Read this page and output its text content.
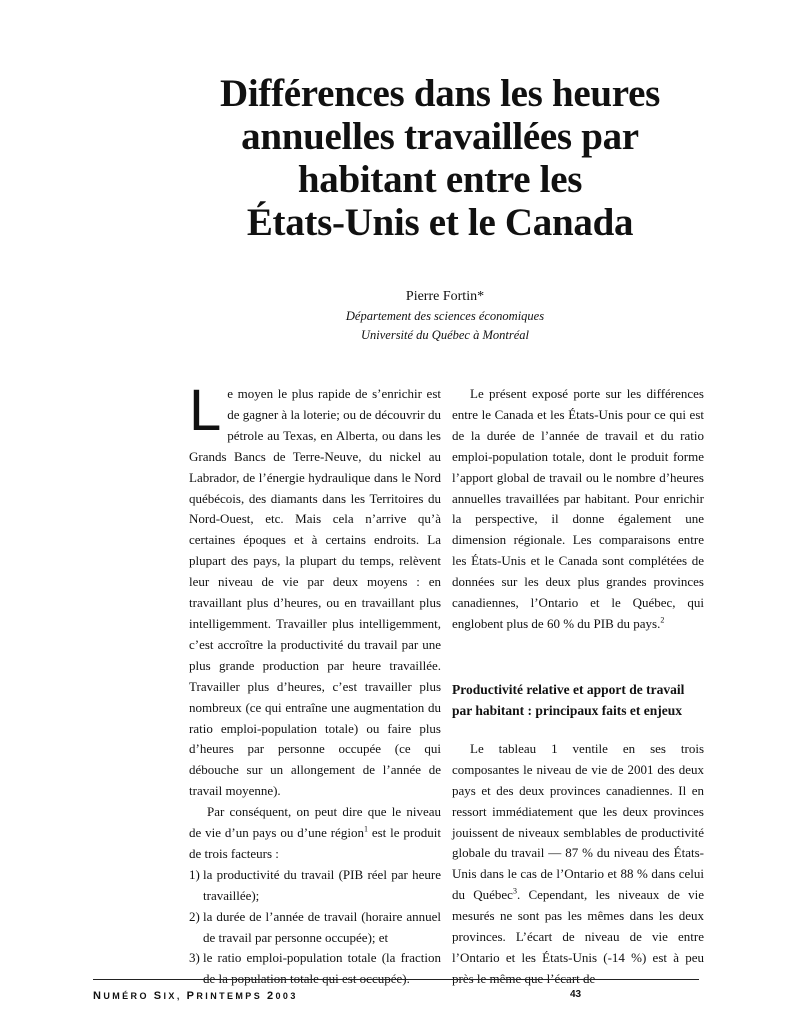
Différences dans les heures
annuelles travaillées par
habitant entre les
États-Unis et le Canada
Pierre Fortin*
Département des sciences économiques
Université du Québec à Montréal

Le moyen le plus rapide de s’enrichir est de gagner à la loterie; ou de découvrir du pétrole au Texas, en Alberta, ou dans les Grands Bancs de Terre-Neuve, du nickel au Labrador, de l’énergie hydraulique dans le Nord québécois, des diamants dans les Territoires du Nord-Ouest, etc. Mais cela n’arrive qu’à certaines époques et à certains endroits. La plupart des pays, la plupart du temps, relèvent leur niveau de vie par deux moyens : en travaillant plus d’heures, ou en travaillant plus intelligemment. Travailler plus intelligemment, c’est accroître la productivité du travail par une plus grande production par heure travaillée. Travailler plus d’heures, c’est travailler plus nombreux (ce qui entraîne une augmentation du ratio emploi-population totale) ou faire plus d’heures par personne occupée (ce qui débouche sur un allongement de l’année de travail moyenne).

Par conséquent, on peut dire que le niveau de vie d’un pays ou d’une région$^1$ est le produit de trois facteurs :

1) la productivité du travail (PIB réel par heure travaillée);
2) la durée de l’année de travail (horaire annuel de travail par personne occupée); et
3) le ratio emploi-population totale (la fraction de la population totale qui est occupée).

Le présent exposé porte sur les différences entre le Canada et les États-Unis pour ce qui est de la durée de l’année de travail et du ratio emploi-population totale, dont le produit forme l’apport global de travail ou le nombre d’heures annuelles travaillées par habitant. Pour enrichir la perspective, il donne également une dimension régionale. Les comparaisons entre les États-Unis et le Canada sont complétées de données sur les deux plus grandes provinces canadiennes, l’Ontario et le Québec, qui englobent plus de 60 % du PIB du pays.$^2$

Productivité relative et apport de travail par habitant : principaux faits et enjeux

Le tableau 1 ventile en ses trois composantes le niveau de vie de 2001 des deux pays et des deux provinces canadiennes. Il en ressort immédiatement que les deux provinces jouissent de niveaux semblables de productivité globale du travail — 87 % du niveau des États-Unis dans le cas de l’Ontario et 88 % dans celui du Québec$^3$. Cependant, les niveaux de vie mesurés ne sont pas les mêmes dans les deux provinces. L’écart de niveau de vie entre l’Ontario et les États-Unis (-14 %) est à peu près le même que l’écart de

NUMÉRO SIX, PRINTEMPS 2003	43
